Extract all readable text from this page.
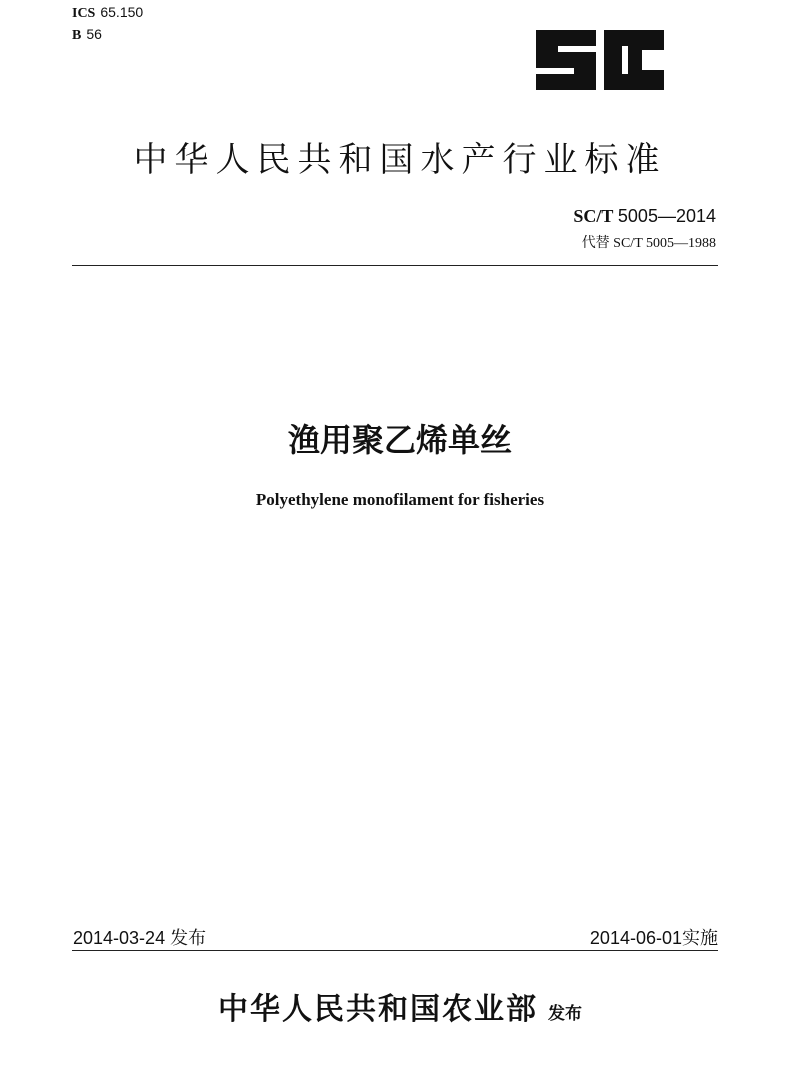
ICS 65.150
B 56
中华人民共和国水产行业标准
SC/T 5005—2014
代替 SC/T 5005—1988
渔用聚乙烯单丝
Polyethylene monofilament for fisheries
2014-03-24 发布	2014-06-01实施
中华人民共和国农业部 发布
